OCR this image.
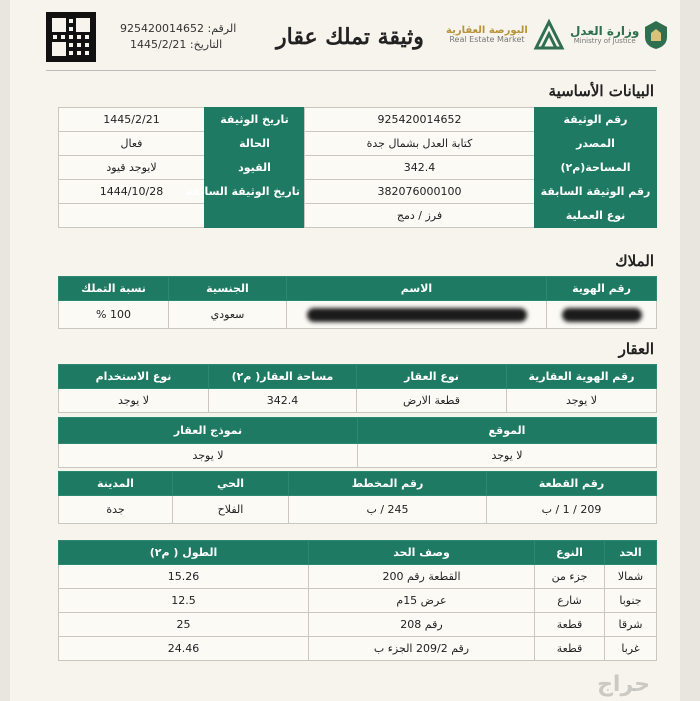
الرقم: 925420014652
التاريخ: 1445/2/21	وثيقة تملك عقار	البورصة العقارية
Real Estate Market
وزارة العدل
Ministry of Justice
البيانات الأساسية
رقم الوثيقة	925420014652	تاريخ الوثيقة	1445/2/21
المصدر	كتابة العدل بشمال جدة	الحالة	فعال
المساحة(م٢)	342.4	القيود	لايوجد قيود
رقم الوثيقة السابقة	382076000100	تاريخ الوثيقة السابقة	1444/10/28
نوع العملية	فرز / دمج		
الملاك
رقم الهوية	الاسم	الجنسية	نسبة التملك
		سعودي	100 %
العقار
رقم الهوية العقارية	نوع العقار	مساحة العقار( م٢)	نوع الاستخدام
لا يوجد	قطعة الارض	342.4	لا يوجد
الموقع	نموذج العقار
لا يوجد	لا يوجد
رقم القطعة	رقم المخطط	الحي	المدينة
209 / 1 / ب	245 / ب	الفلاح	جدة
الحد	النوع	وصف الحد	الطول ( م٢)
شمالا	جزء من	القطعة رقم 200	15.26
جنوبا	شارع	عرض 15م	12.5
شرقا	قطعة	رقم 208	25
غربا	قطعة	رقم 209/2 الجزء ب	24.46
حراج
